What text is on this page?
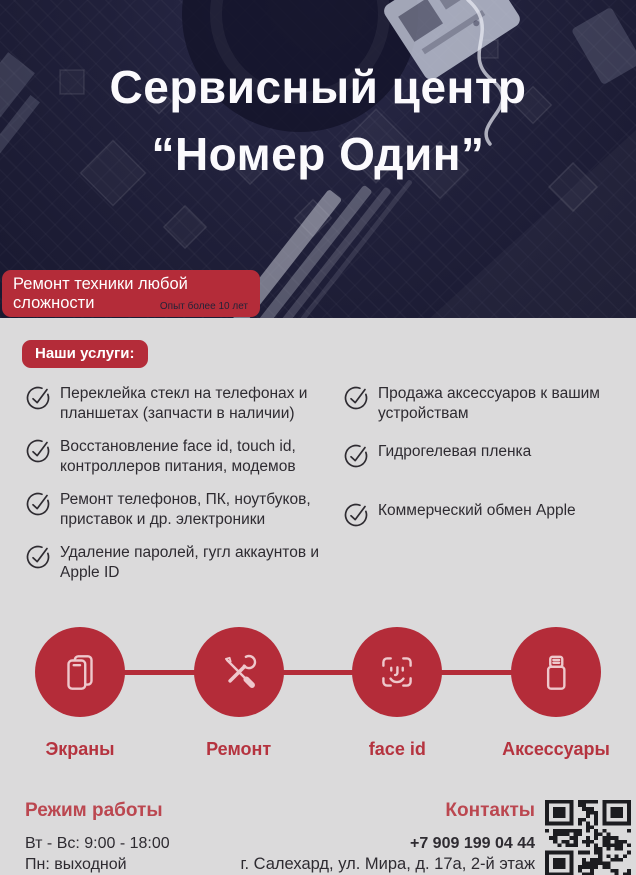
Сервисный центр
“Номер Один”
Ремонт техники любой
сложности	Опыт более 10 лет
Наши услуги:
Переклейка стекл на телефонах и планшетах (запчасти в наличии)
Восстановление face id, touch id, контроллеров питания, модемов
Ремонт телефонов, ПК, ноутбуков, приставок и др. электроники
Удаление паролей, гугл аккаунтов и Apple ID
Продажа аксессуаров к вашим устройствам
Гидрогелевая пленка
Коммерческий обмен Apple
Экраны	Ремонт	face id	Аксессуары
Режим работы

Вт - Вс: 9:00 - 18:00

Пн: выходной

Контакты

+7 909 199 04 44

г. Салехард, ул. Мира, д. 17а, 2-й этаж
